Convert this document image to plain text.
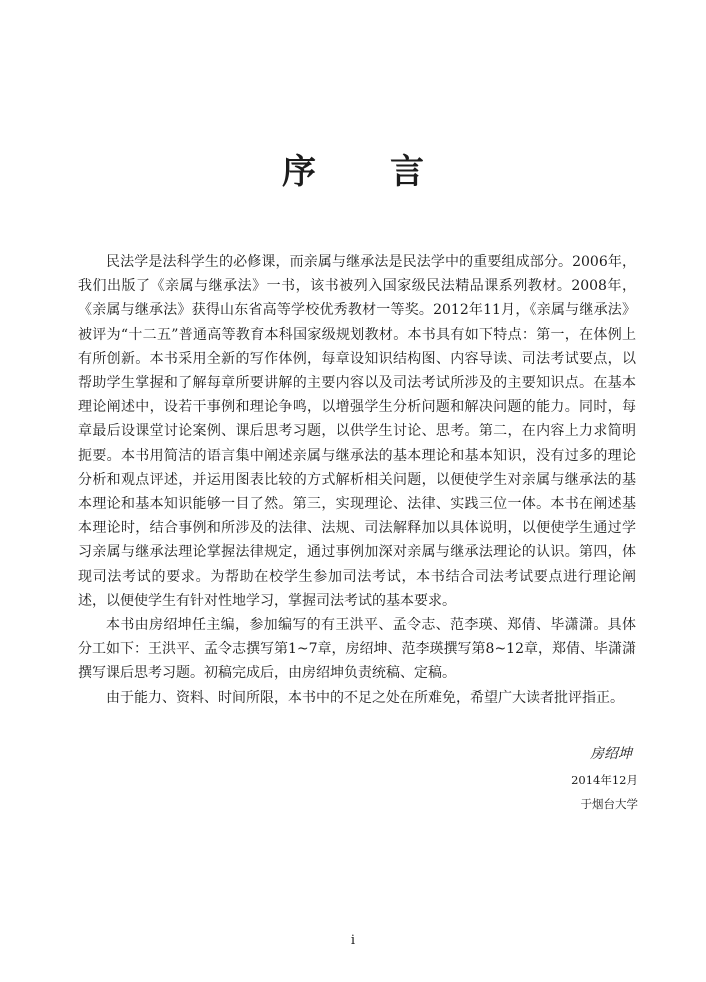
序 言

民法学是法科学生的必修课，而亲属与继承法是民法学中的重要组成部分。2006年，我们出版了《亲属与继承法》一书，该书被列入国家级民法精品课系列教材。2008年，《亲属与继承法》获得山东省高等学校优秀教材一等奖。2012年11月，《亲属与继承法》被评为“十二五”普通高等教育本科国家级规划教材。本书具有如下特点：第一，在体例上有所创新。本书采用全新的写作体例，每章设知识结构图、内容导读、司法考试要点，以帮助学生掌握和了解每章所要讲解的主要内容以及司法考试所涉及的主要知识点。在基本理论阐述中，设若干事例和理论争鸣，以增强学生分析问题和解决问题的能力。同时，每章最后设课堂讨论案例、课后思考习题，以供学生讨论、思考。第二，在内容上力求简明扼要。本书用简洁的语言集中阐述亲属与继承法的基本理论和基本知识，没有过多的理论分析和观点评述，并运用图表比较的方式解析相关问题，以便使学生对亲属与继承法的基本理论和基本知识能够一目了然。第三，实现理论、法律、实践三位一体。本书在阐述基本理论时，结合事例和所涉及的法律、法规、司法解释加以具体说明，以便使学生通过学习亲属与继承法理论掌握法律规定，通过事例加深对亲属与继承法理论的认识。第四，体现司法考试的要求。为帮助在校学生参加司法考试，本书结合司法考试要点进行理论阐述，以便使学生有针对性地学习，掌握司法考试的基本要求。

本书由房绍坤任主编，参加编写的有王洪平、孟令志、范李瑛、郑倩、毕潇潇。具体分工如下：王洪平、孟令志撰写第1~7章，房绍坤、范李瑛撰写第8~12章，郑倩、毕潇潇撰写课后思考习题。初稿完成后，由房绍坤负责统稿、定稿。

由于能力、资料、时间所限，本书中的不足之处在所难免，希望广大读者批评指正。

房绍坤
2014年12月
于烟台大学
i
